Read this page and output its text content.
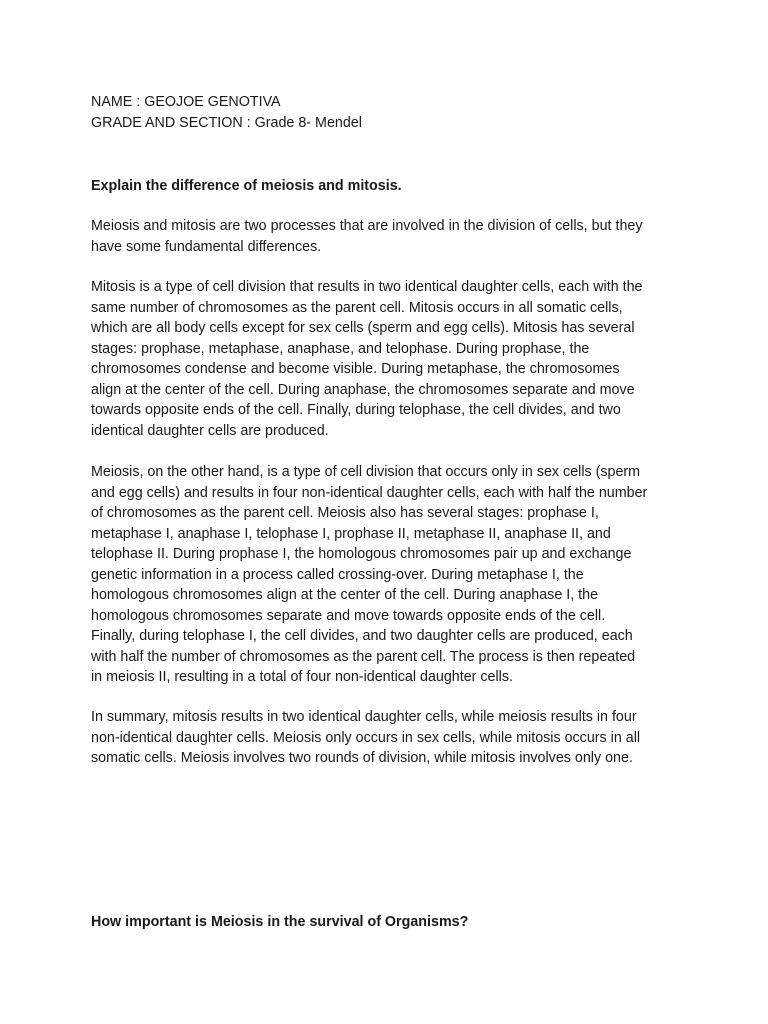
NAME : GEOJOE GENOTIVA
GRADE AND SECTION : Grade 8- Mendel
Explain the difference of meiosis and mitosis.
Meiosis and mitosis are two processes that are involved in the division of cells, but they
have some fundamental differences.
Mitosis is a type of cell division that results in two identical daughter cells, each with the
same number of chromosomes as the parent cell. Mitosis occurs in all somatic cells,
which are all body cells except for sex cells (sperm and egg cells). Mitosis has several
stages: prophase, metaphase, anaphase, and telophase. During prophase, the
chromosomes condense and become visible. During metaphase, the chromosomes
align at the center of the cell. During anaphase, the chromosomes separate and move
towards opposite ends of the cell. Finally, during telophase, the cell divides, and two
identical daughter cells are produced.
Meiosis, on the other hand, is a type of cell division that occurs only in sex cells (sperm
and egg cells) and results in four non-identical daughter cells, each with half the number
of chromosomes as the parent cell. Meiosis also has several stages: prophase I,
metaphase I, anaphase I, telophase I, prophase II, metaphase II, anaphase II, and
telophase II. During prophase I, the homologous chromosomes pair up and exchange
genetic information in a process called crossing-over. During metaphase I, the
homologous chromosomes align at the center of the cell. During anaphase I, the
homologous chromosomes separate and move towards opposite ends of the cell.
Finally, during telophase I, the cell divides, and two daughter cells are produced, each
with half the number of chromosomes as the parent cell. The process is then repeated
in meiosis II, resulting in a total of four non-identical daughter cells.
In summary, mitosis results in two identical daughter cells, while meiosis results in four
non-identical daughter cells. Meiosis only occurs in sex cells, while mitosis occurs in all
somatic cells. Meiosis involves two rounds of division, while mitosis involves only one.
How important is Meiosis in the survival of Organisms?
